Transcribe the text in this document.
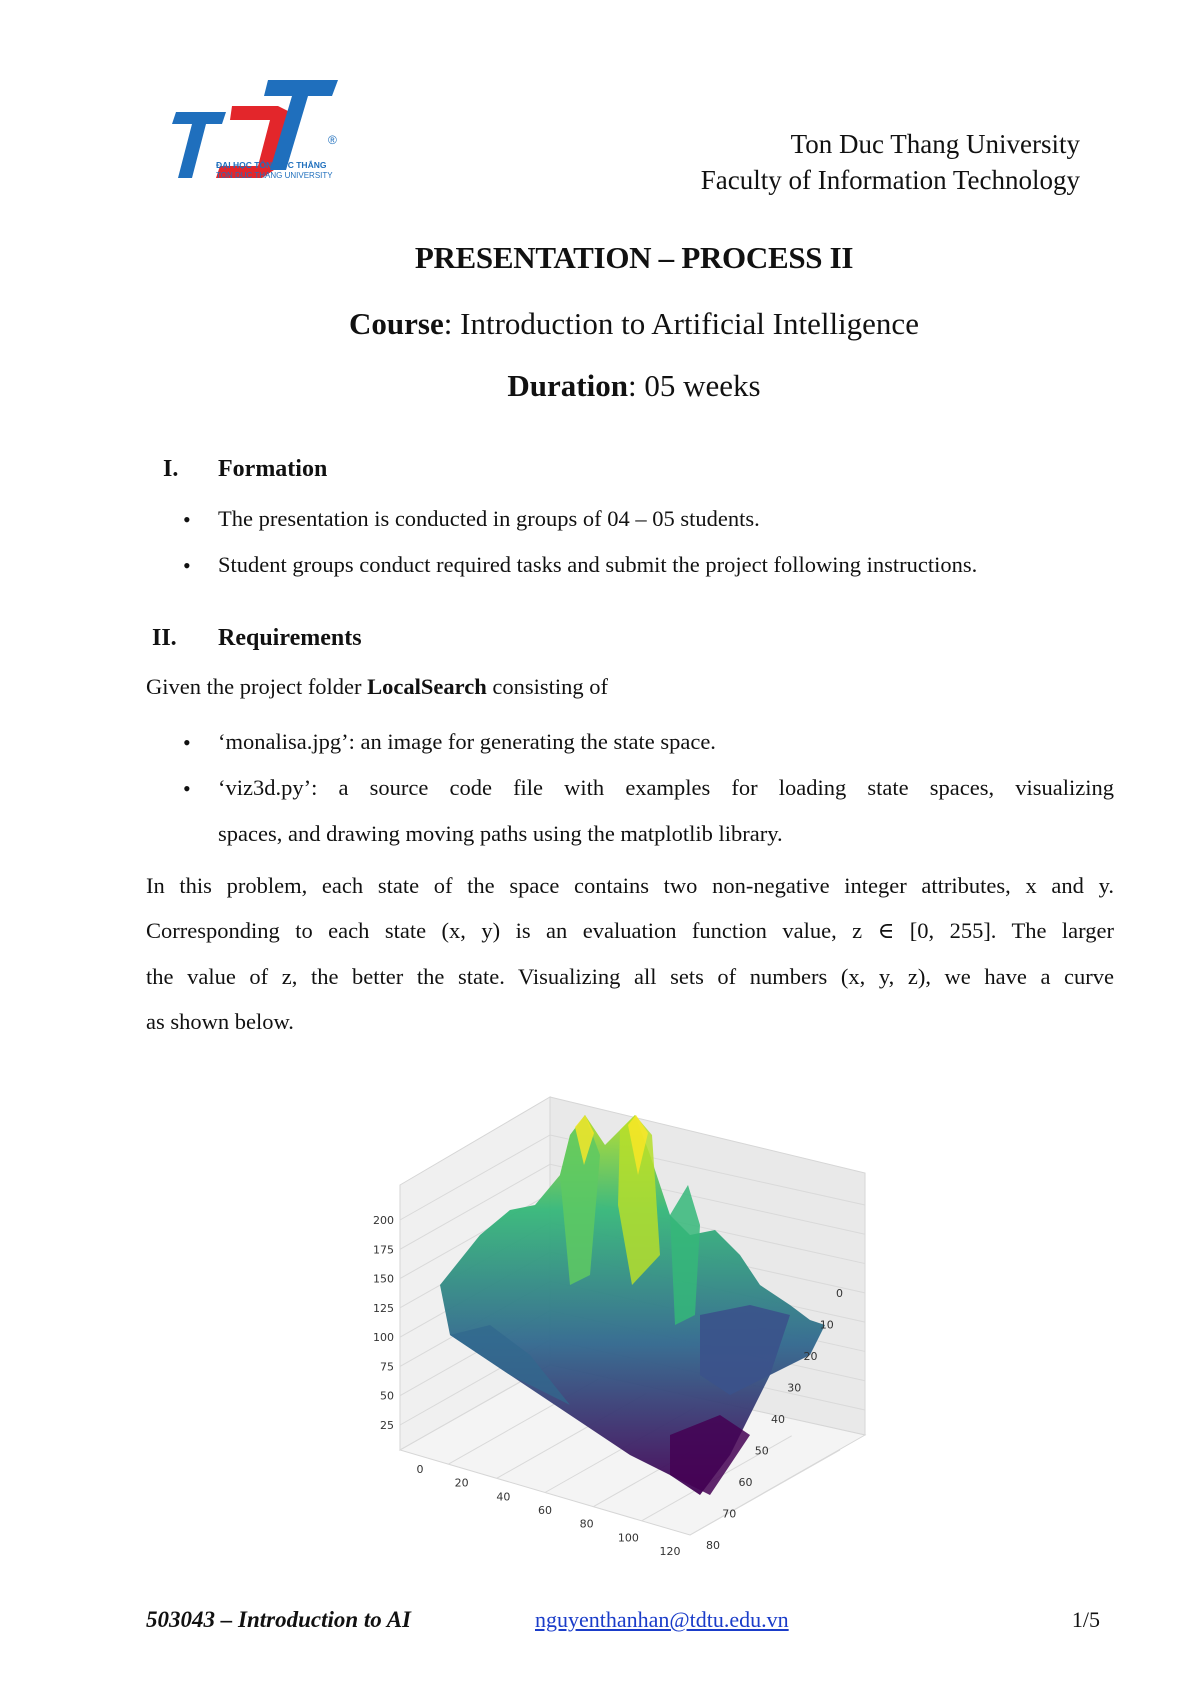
®
ĐẠI HỌC TÔN ĐỨC THẮNG
TON DUC THANG UNIVERSITY
Ton Duc Thang University
Faculty of Information Technology
PRESENTATION – PROCESS II
Course: Introduction to Artificial Intelligence
Duration: 05 weeks
I. Formation
• The presentation is conducted in groups of 04 – 05 students.
• Student groups conduct required tasks and submit the project following instructions.
II. Requirements
Given the project folder LocalSearch consisting of
• ‘monalisa.jpg’: an image for generating the state space.
• ‘viz3d.py’: a source code file with examples for loading state spaces, visualizing
spaces, and drawing moving paths using the matplotlib library.
In this problem, each state of the space contains two non-negative integer attributes, x and y.
Corresponding to each state (x, y) is an evaluation function value, z ∈ [0, 255]. The larger
the value of z, the better the state. Visualizing all sets of numbers (x, y, z), we have a curve
as shown below.
25
50
75
100
125
150
175
200
0
20
40
60
80
100
120
0
10
20
30
40
50
60
70
80
503043 – Introduction to AI	nguyenthanhan@tdtu.edu.vn	1/5
